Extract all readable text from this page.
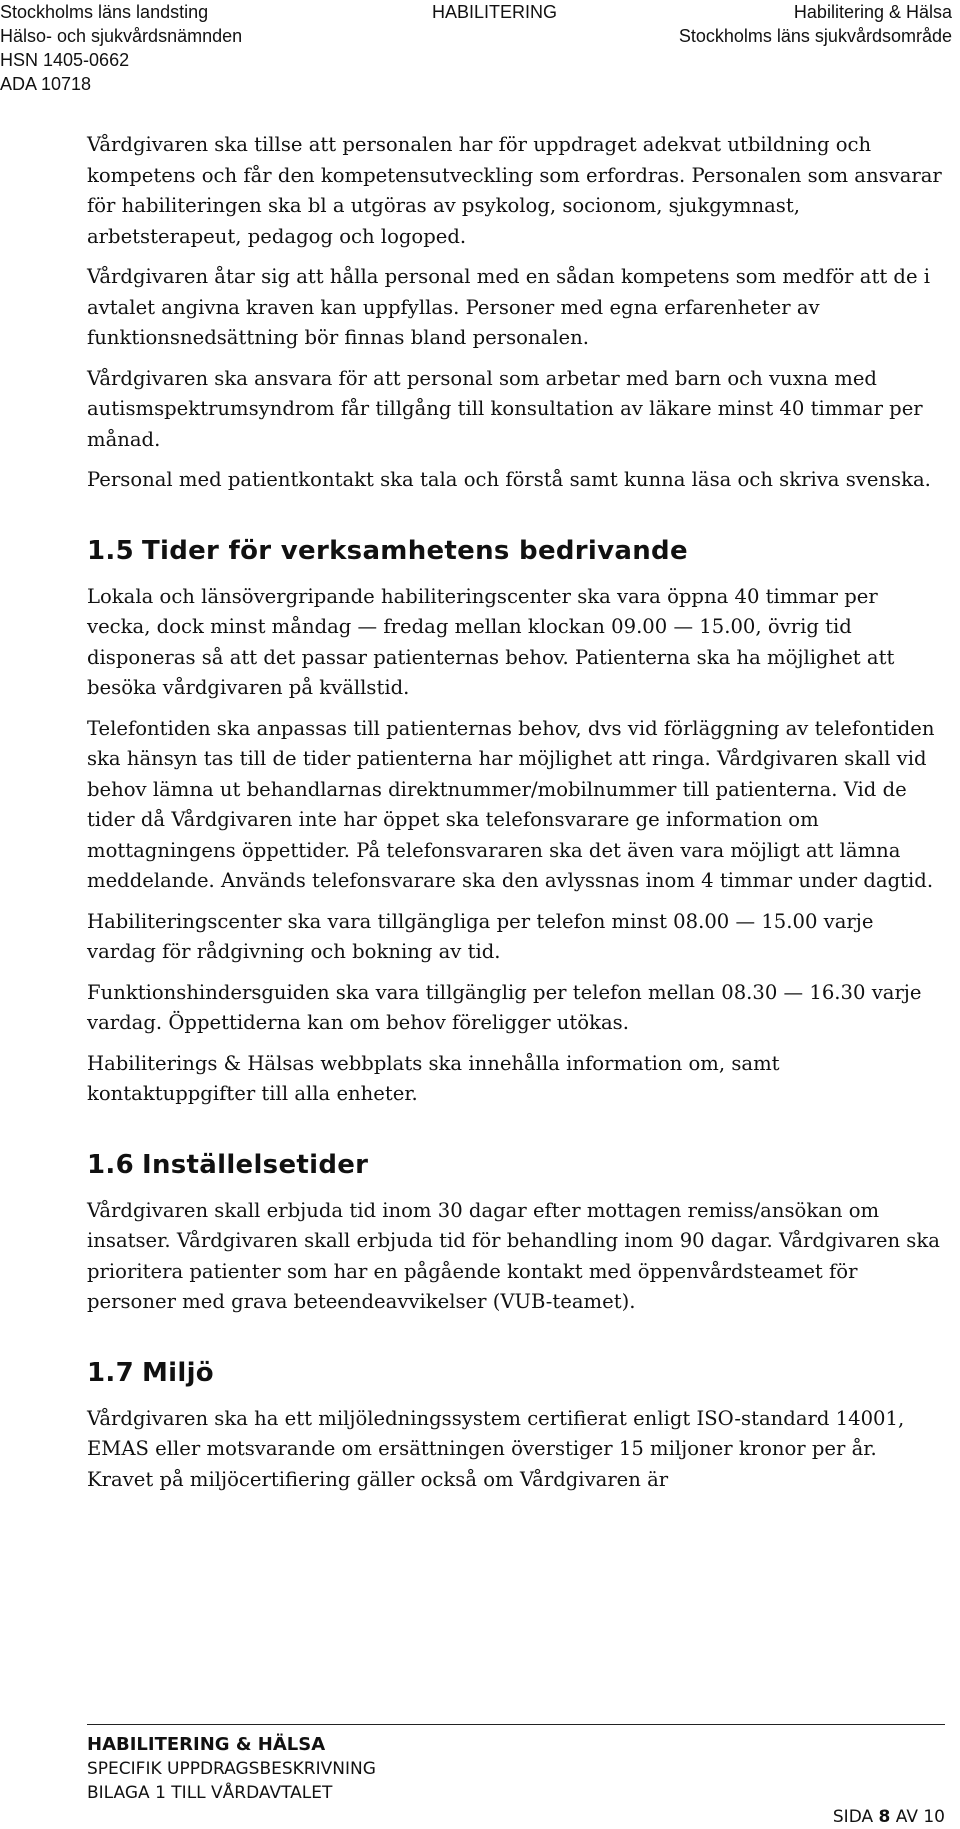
Stockholms läns landsting
Hälso- och sjukvårdsnämnden
HSN 1405-0662
ADA 10718
HABILITERING	Habilitering & Hälsa
Stockholms läns sjukvårdsområde

Vårdgivaren ska tillse att personalen har för uppdraget adekvat utbildning och kompetens och får den kompetensutveckling som erfordras. Personalen som ansvarar för habiliteringen ska bl a utgöras av psykolog, socionom, sjukgymnast, arbetsterapeut, pedagog och logoped.

Vårdgivaren åtar sig att hålla personal med en sådan kompetens som medför att de i avtalet angivna kraven kan uppfyllas. Personer med egna erfarenheter av funktionsnedsättning bör finnas bland personalen.

Vårdgivaren ska ansvara för att personal som arbetar med barn och vuxna med autismspektrumsyndrom får tillgång till konsultation av läkare minst 40 timmar per månad.

Personal med patientkontakt ska tala och förstå samt kunna läsa och skriva svenska.

1.5 Tider för verksamhetens bedrivande

Lokala och länsövergripande habiliteringscenter ska vara öppna 40 timmar per vecka, dock minst måndag — fredag mellan klockan 09.00 — 15.00, övrig tid disponeras så att det passar patienternas behov. Patienterna ska ha möjlighet att besöka vårdgivaren på kvällstid.

Telefontiden ska anpassas till patienternas behov, dvs vid förläggning av telefontiden ska hänsyn tas till de tider patienterna har möjlighet att ringa. Vårdgivaren skall vid behov lämna ut behandlarnas direktnummer/mobilnummer till patienterna. Vid de tider då Vårdgivaren inte har öppet ska telefonsvarare ge information om mottagningens öppettider. På telefonsvararen ska det även vara möjligt att lämna meddelande. Används telefonsvarare ska den avlyssnas inom 4 timmar under dagtid.

Habiliteringscenter ska vara tillgängliga per telefon minst 08.00 — 15.00 varje vardag för rådgivning och bokning av tid.

Funktionshindersguiden ska vara tillgänglig per telefon mellan 08.30 — 16.30 varje vardag. Öppettiderna kan om behov föreligger utökas.

Habiliterings & Hälsas webbplats ska innehålla information om, samt kontaktuppgifter till alla enheter.

1.6 Inställelsetider

Vårdgivaren skall erbjuda tid inom 30 dagar efter mottagen remiss/ansökan om insatser. Vårdgivaren skall erbjuda tid för behandling inom 90 dagar. Vårdgivaren ska prioritera patienter som har en pågående kontakt med öppenvårdsteamet för personer med grava beteendeavvikelser (VUB-teamet).

1.7 Miljö

Vårdgivaren ska ha ett miljöledningssystem certifierat enligt ISO-standard 14001, EMAS eller motsvarande om ersättningen överstiger 15 miljoner kronor per år. Kravet på miljöcertifiering gäller också om Vårdgivaren är

HABILITERING & HÄLSA
SPECIFIK UPPDRAGSBESKRIVNING
BILAGA 1 TILL VÅRDAVTALET
SIDA 8 AV 10
